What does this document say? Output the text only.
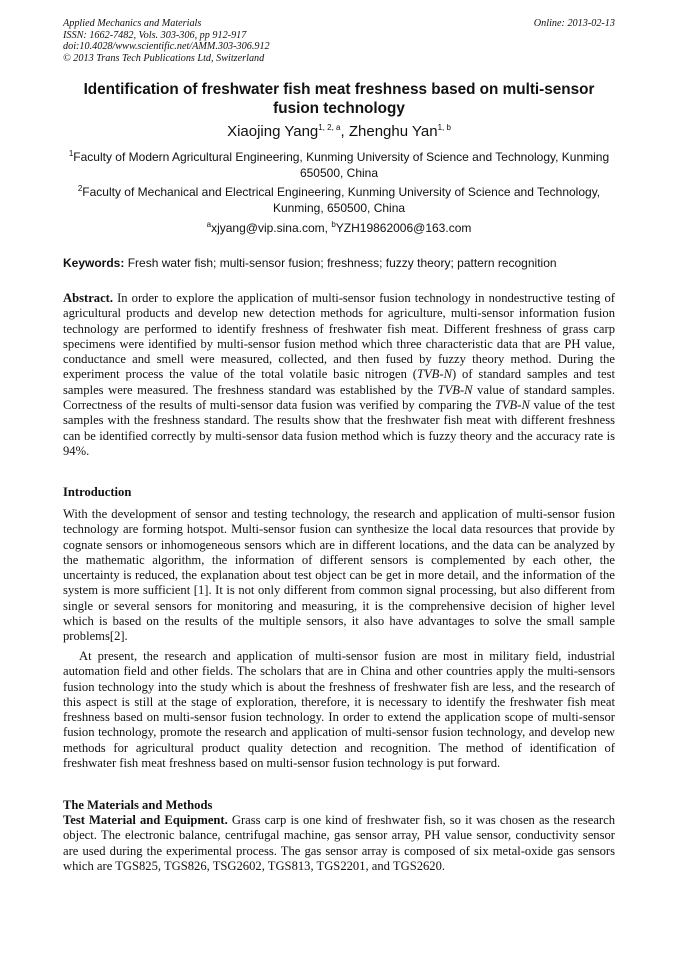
Applied Mechanics and Materials
ISSN: 1662-7482, Vols. 303-306, pp 912-917
doi:10.4028/www.scientific.net/AMM.303-306.912
© 2013 Trans Tech Publications Ltd, Switzerland
Online: 2013-02-13
Identification of freshwater fish meat freshness based on multi-sensor fusion technology
Xiaojing Yang$^{1, 2, a}$, Zhenghu Yan$^{1, b}$
$^1$Faculty of Modern Agricultural Engineering, Kunming University of Science and Technology, Kunming 650500, China
$^2$Faculty of Mechanical and Electrical Engineering, Kunming University of Science and Technology, Kunming, 650500, China
$^a$xjyang@vip.sina.com, $^b$YZH19862006@163.com
Keywords: Fresh water fish; multi-sensor fusion; freshness; fuzzy theory; pattern recognition
Abstract. In order to explore the application of multi-sensor fusion technology in nondestructive testing of agricultural products and develop new detection methods for agriculture, multi-sensor information fusion technology are performed to identify freshness of freshwater fish meat. Different freshness of grass carp specimens were identified by multi-sensor fusion method which three characteristic data that are PH value, conductance and smell were measured, collected, and then fused by fuzzy theory method. During the experiment process the value of the total volatile basic nitrogen (TVB-N) of standard samples and test samples were measured. The freshness standard was established by the TVB-N value of standard samples. Correctness of the results of multi-sensor data fusion was verified by comparing the TVB-N value of the test samples with the freshness standard. The results show that the freshwater fish meat with different freshness can be identified correctly by multi-sensor data fusion method which is fuzzy theory and the accuracy rate is 94%.
Introduction
With the development of sensor and testing technology, the research and application of multi-sensor fusion technology are forming hotspot. Multi-sensor fusion can synthesize the local data resources that provide by cognate sensors or inhomogeneous sensors which are in different locations, and the data can be analyzed by the mathematic algorithm, the information of different sensors is complemented by each other, the uncertainty is reduced, the explanation about test object can be get in more detail, and the information of the system is more sufficient [1]. It is not only different from common signal processing, but also different from single or several sensors for monitoring and measuring, it is the comprehensive decision of higher level which is based on the results of the multiple sensors, it also have advantages to solve the small sample problems[2].
At present, the research and application of multi-sensor fusion are most in military field, industrial automation field and other fields. The scholars that are in China and other countries apply the multi-sensors fusion technology into the study which is about the freshness of freshwater fish are less, and the research of this aspect is still at the stage of exploration, therefore, it is necessary to identify the freshwater fish meat freshness based on multi-sensor fusion technology. In order to extend the application scope of multi-sensor fusion technology, promote the research and application of multi-sensor fusion technology, and develop new methods for agricultural product quality detection and recognition. The method of identification of freshwater fish meat freshness based on multi-sensor fusion technology is put forward.
The Materials and Methods
Test Material and Equipment. Grass carp is one kind of freshwater fish, so it was chosen as the research object. The electronic balance, centrifugal machine, gas sensor array, PH value sensor, conductivity sensor are used during the experimental process. The gas sensor array is composed of six metal-oxide gas sensors which are TGS825, TGS826, TSG2602, TGS813, TGS2201, and TGS2620.
